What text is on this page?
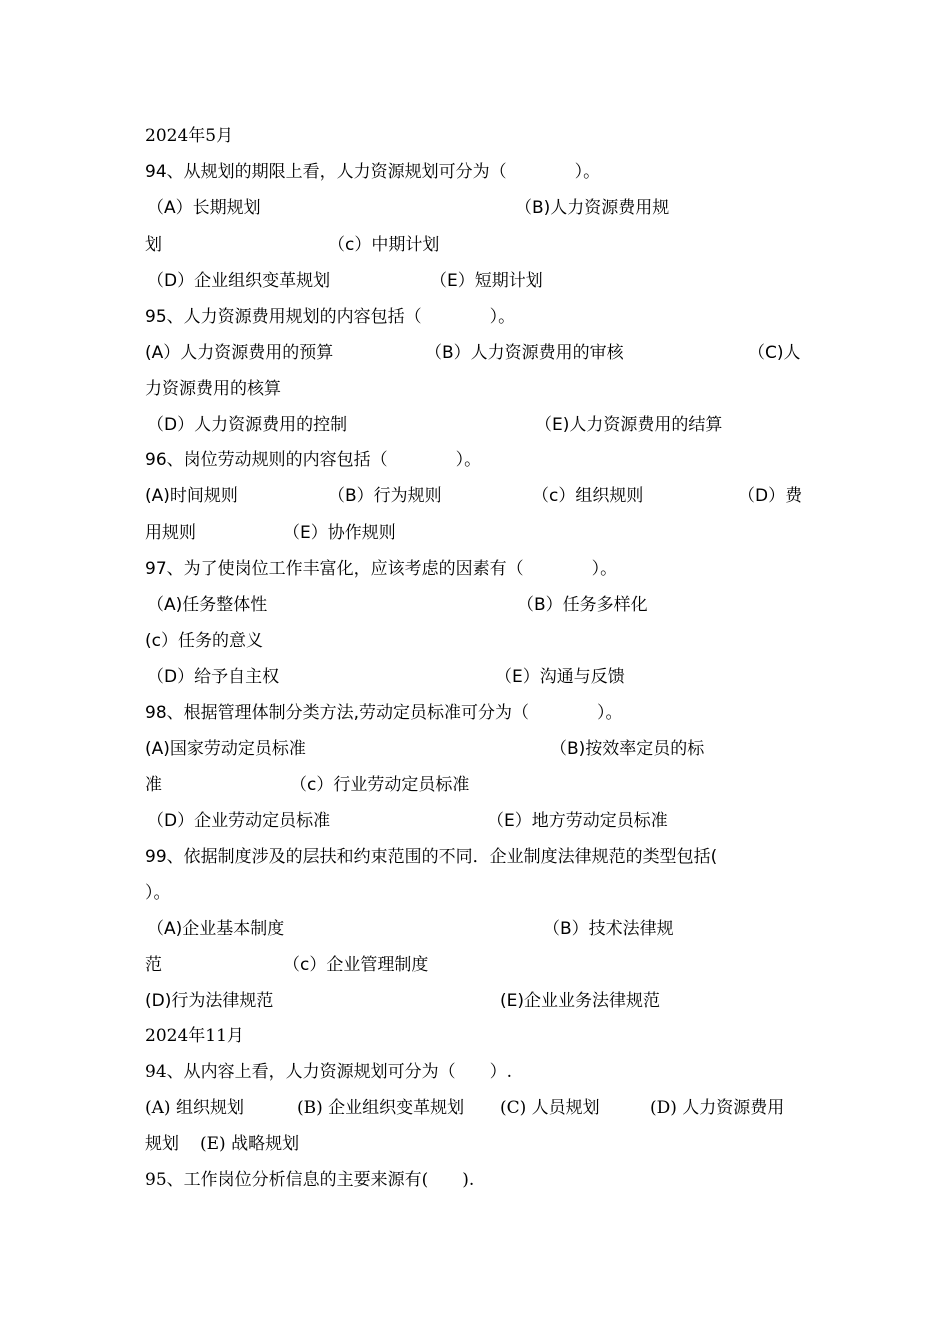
2024年5月
94、从规划的期限上看，人力资源规划可分为（　　　　）。
（A）长期规划	（B)人力资源费用规
划	（c）中期计划
（D）企业组织变革规划	（E）短期计划
95、人力资源费用规划的内容包括（　　　　）。
(A）人力资源费用的预算	（B）人力资源费用的审核	（C)人
力资源费用的核算
（D）人力资源费用的控制	（E)人力资源费用的结算
96、岗位劳动规则的内容包括（　　　　）。
(A)时间规则	（B）行为规则	（c）组织规则	（D）费
用规则	（E）协作规则
97、为了使岗位工作丰富化，应该考虑的因素有（　　　　）。
（A)任务整体性	（B）任务多样化
(c）任务的意义
（D）给予自主权	（E）沟通与反馈
98、根据管理体制分类方法,劳动定员标准可分为（　　　　）。
(A)国家劳动定员标准	（B)按效率定员的标
准	（c）行业劳动定员标准
（D）企业劳动定员标准	（E）地方劳动定员标准
99、依据制度涉及的层扶和约束范围的不同．企业制度法律规范的类型包括(
）。
（A)企业基本制度	（B）技术法律规
范	（c）企业管理制度
(D)行为法律规范	(E)企业业务法律规范
2024年11月
94、从内容上看，人力资源规划可分为（　　）.
(A) 组织规划	(B) 企业组织变革规划 (C) 人员规划	(D) 人力资源费用
规划 (E) 战略规划
95、工作岗位分析信息的主要来源有(　　).
